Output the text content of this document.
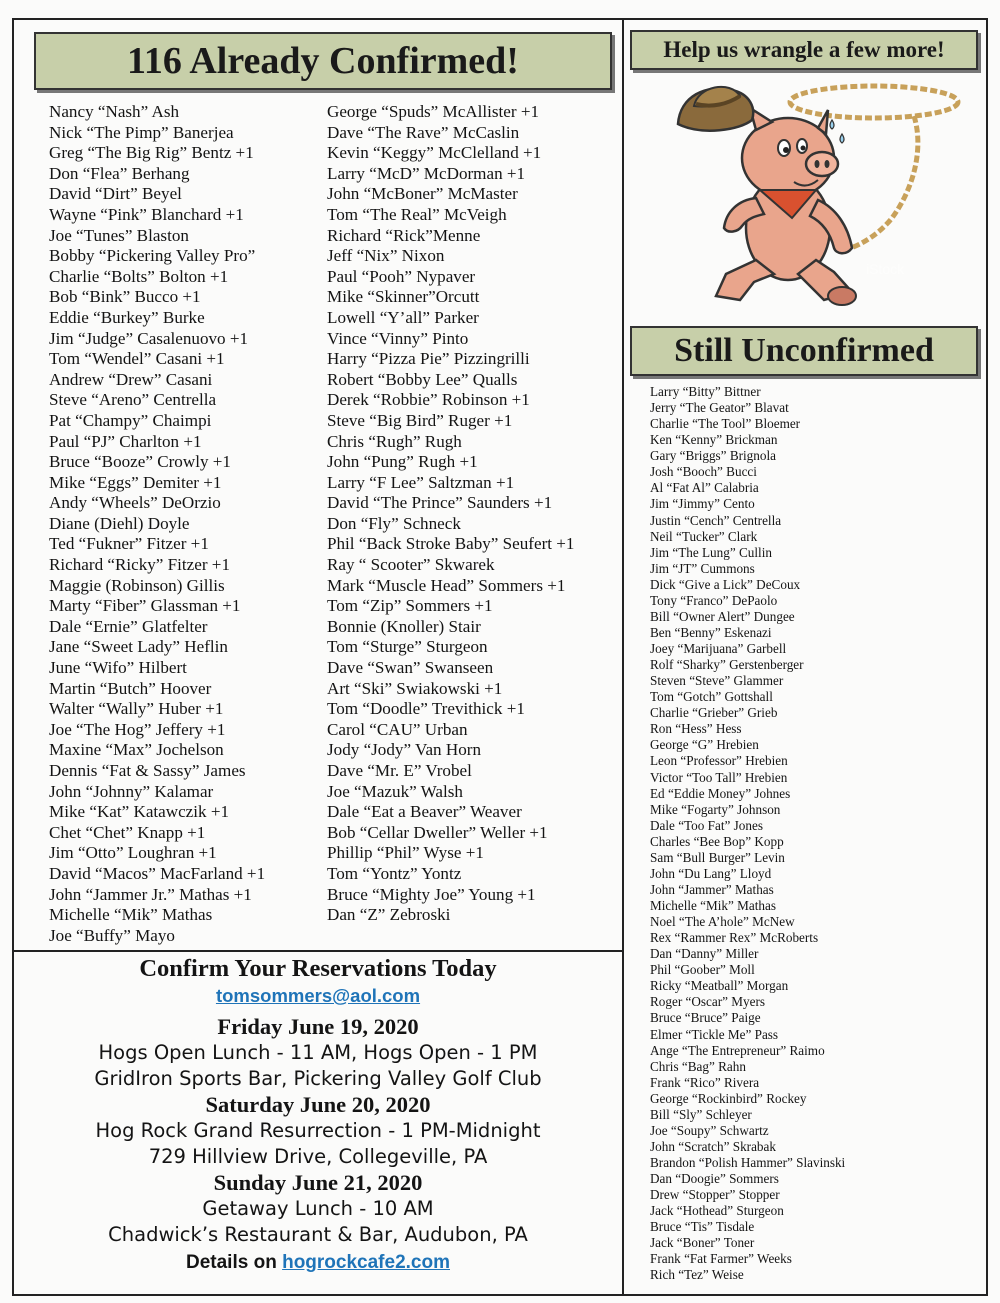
116 Already Confirmed!
Nancy “Nash” Ash
Nick “The Pimp” Banerjea
Greg “The Big Rig” Bentz +1
Don “Flea” Berhang
David “Dirt” Beyel
Wayne “Pink” Blanchard +1
Joe “Tunes” Blaston
Bobby “Pickering Valley Pro”
Charlie “Bolts” Bolton +1
Bob “Bink” Bucco +1
Eddie “Burkey” Burke
Jim “Judge” Casalenuovo +1
Tom “Wendel” Casani +1
Andrew “Drew” Casani
Steve “Areno” Centrella
Pat “Champy” Chaimpi
Paul “PJ” Charlton +1
Bruce “Booze” Crowly +1
Mike “Eggs” Demiter +1
Andy “Wheels” DeOrzio
Diane (Diehl) Doyle
Ted “Fukner” Fitzer +1
Richard “Ricky” Fitzer +1
Maggie (Robinson) Gillis
Marty “Fiber” Glassman +1
Dale “Ernie” Glatfelter
Jane “Sweet Lady” Heflin
June “Wifo” Hilbert
Martin “Butch” Hoover
Walter “Wally” Huber +1
Joe “The Hog” Jeffery +1
Maxine “Max” Jochelson
Dennis “Fat & Sassy” James
John “Johnny” Kalamar
Mike “Kat” Katawczik +1
Chet “Chet” Knapp +1
Jim “Otto” Loughran +1
David “Macos” MacFarland +1
John “Jammer Jr.” Mathas +1
Michelle “Mik” Mathas
Joe “Buffy” Mayo
George “Spuds” McAllister +1
Dave “The Rave” McCaslin
Kevin “Keggy” McClelland +1
Larry “McD” McDorman +1
John “McBoner” McMaster
Tom “The Real” McVeigh
Richard “Rick”Menne
Jeff “Nix” Nixon
Paul “Pooh” Nypaver
Mike “Skinner”Orcutt
Lowell “Y’all” Parker
Vince “Vinny” Pinto
Harry “Pizza Pie” Pizzingrilli
Robert “Bobby Lee” Qualls
Derek “Robbie” Robinson +1
Steve “Big Bird” Ruger +1
Chris “Rugh” Rugh
John “Pung” Rugh +1
Larry “F Lee” Saltzman +1
David “The Prince” Saunders +1
Don “Fly” Schneck
Phil “Back Stroke Baby” Seufert +1
Ray “ Scooter” Skwarek
Mark “Muscle Head” Sommers +1
Tom “Zip” Sommers +1
Bonnie (Knoller) Stair
Tom “Sturge” Sturgeon
Dave “Swan” Swanseen
Art “Ski” Swiakowski +1
Tom “Doodle” Trevithick +1
Carol “CAU” Urban
Jody “Jody” Van Horn
Dave “Mr. E” Vrobel
Joe “Mazuk” Walsh
Dale “Eat a Beaver” Weaver
Bob “Cellar Dweller” Weller +1
Phillip “Phil” Wyse +1
Tom “Yontz” Yontz
Bruce “Mighty Joe” Young +1
Dan “Z” Zebroski
Help us wrangle a few more!
iStock
Still Unconfirmed
Larry “Bitty” Bittner
Jerry “The Geator” Blavat
Charlie “The Tool” Bloemer
Ken “Kenny” Brickman
Gary “Briggs” Brignola
Josh “Booch” Bucci
Al “Fat Al” Calabria
Jim “Jimmy” Cento
Justin “Cench” Centrella
Neil “Tucker” Clark
Jim “The Lung” Cullin
Jim “JT” Cummons
Dick “Give a Lick” DeCoux
Tony “Franco” DePaolo
Bill “Owner Alert” Dungee
Ben “Benny” Eskenazi
Joey “Marijuana” Garbell
Rolf “Sharky” Gerstenberger
Steven “Steve” Glammer
Tom “Gotch” Gottshall
Charlie “Grieber” Grieb
Ron “Hess” Hess
George “G” Hrebien
Leon “Professor” Hrebien
Victor “Too Tall” Hrebien
Ed “Eddie Money” Johnes
Mike “Fogarty” Johnson
Dale “Too Fat” Jones
Charles “Bee Bop” Kopp
Sam “Bull Burger” Levin
John “Du Lang” Lloyd
John “Jammer” Mathas
Michelle “Mik” Mathas
Noel “The A’hole” McNew
Rex “Rammer Rex” McRoberts
Dan “Danny” Miller
Phil “Goober” Moll
Ricky “Meatball” Morgan
Roger “Oscar” Myers
Bruce “Bruce” Paige
Elmer “Tickle Me” Pass
Ange “The Entrepreneur” Raimo
Chris “Bag” Rahn
Frank “Rico” Rivera
George “Rockinbird” Rockey
Bill “Sly” Schleyer
Joe “Soupy” Schwartz
John “Scratch” Skrabak
Brandon “Polish Hammer” Slavinski
Dan “Doogie” Sommers
Drew “Stopper” Stopper
Jack “Hothead” Sturgeon
Bruce “Tis” Tisdale
Jack “Boner” Toner
Frank “Fat Farmer” Weeks
Rich “Tez” Weise
Confirm Your Reservations Today
tomsommers@aol.com
Friday June 19, 2020
Hogs Open Lunch - 11 AM, Hogs Open - 1 PM
GridIron Sports Bar, Pickering Valley Golf Club
Saturday June 20, 2020
Hog Rock Grand Resurrection - 1 PM-Midnight
729 Hillview Drive, Collegeville, PA
Sunday June 21, 2020
Getaway Lunch - 10 AM
Chadwick’s Restaurant & Bar, Audubon, PA
Details on hogrockcafe2.com
